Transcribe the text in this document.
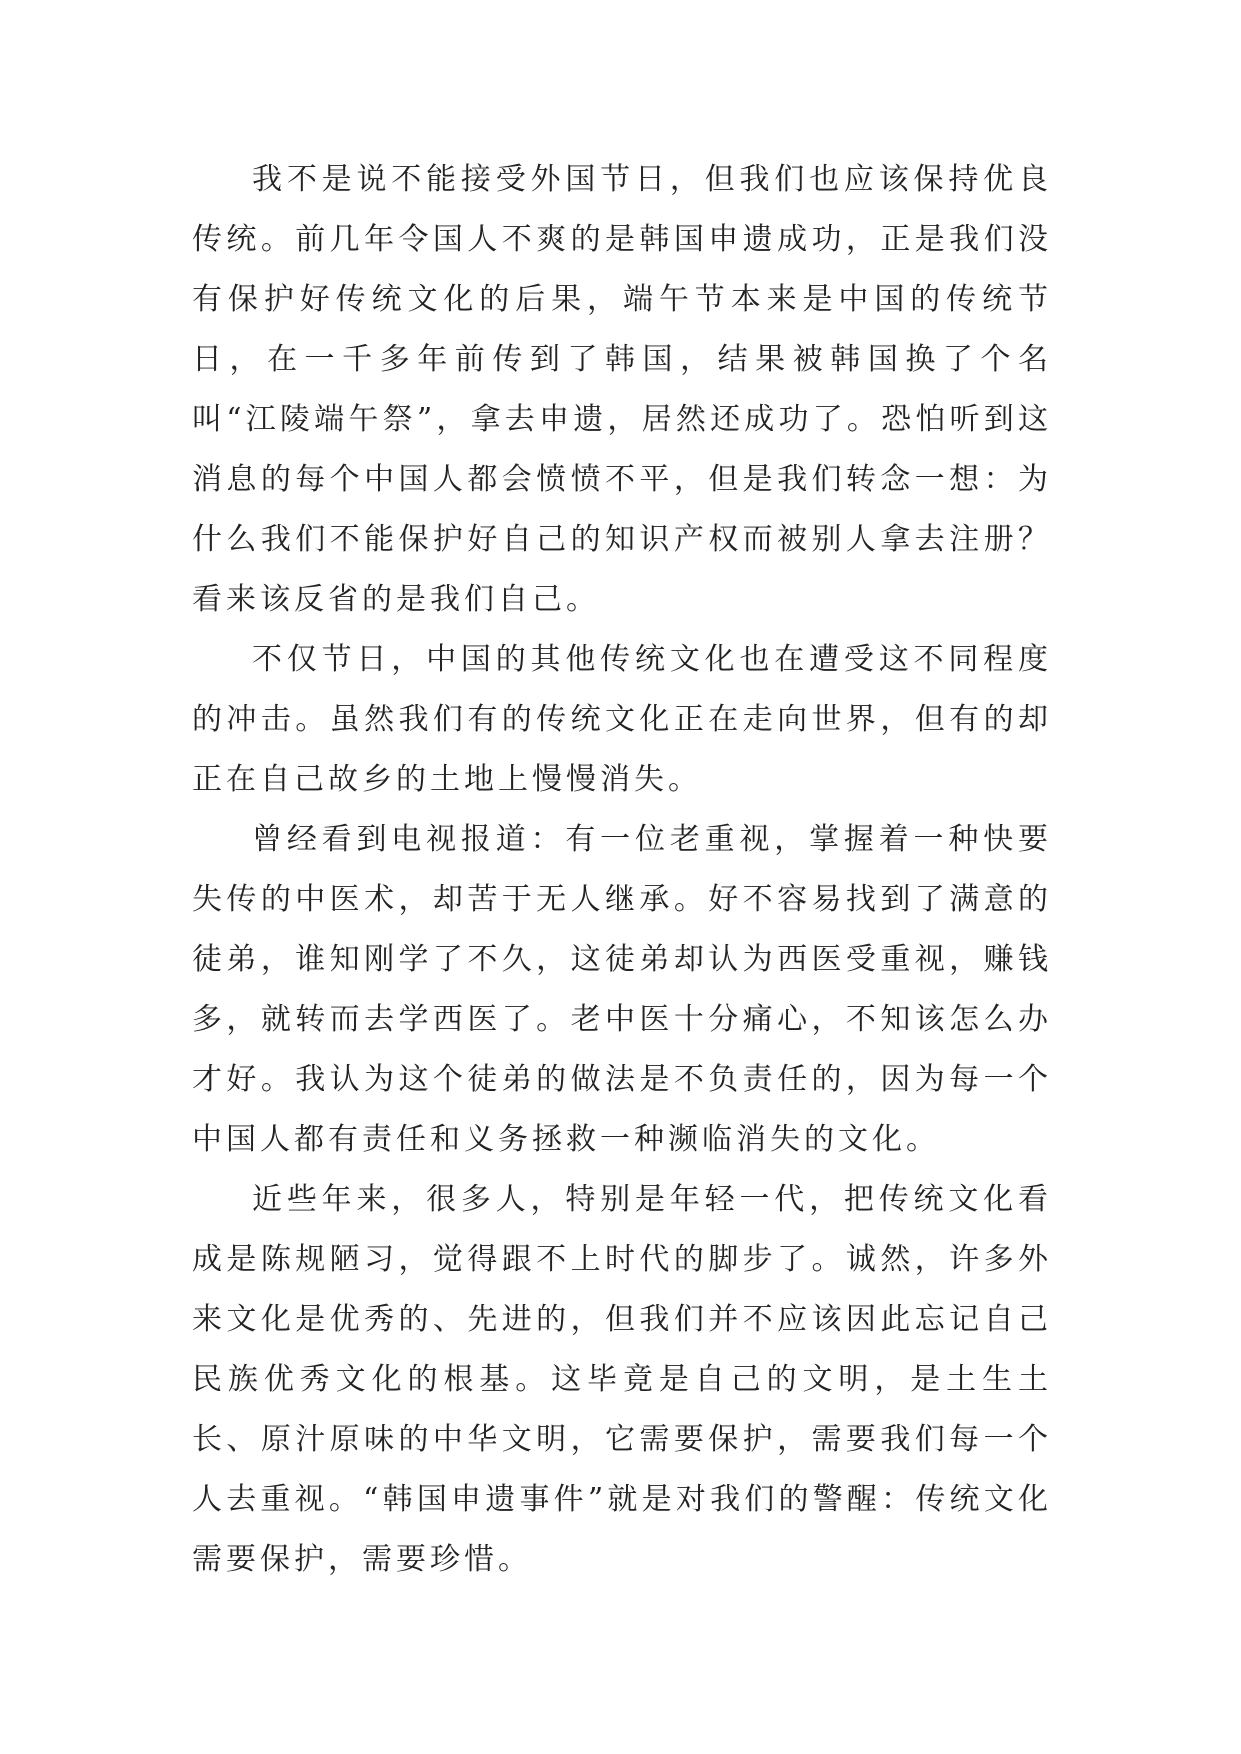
我不是说不能接受外国节日，但我们也应该保持优良传统。前几年令国人不爽的是韩国申遗成功，正是我们没有保护好传统文化的后果，端午节本来是中国的传统节日，在一千多年前传到了韩国，结果被韩国换了个名叫“江陵端午祭”，拿去申遗，居然还成功了。恐怕听到这消息的每个中国人都会愤愤不平，但是我们转念一想：为什么我们不能保护好自己的知识产权而被别人拿去注册？看来该反省的是我们自己。

不仅节日，中国的其他传统文化也在遭受这不同程度的冲击。虽然我们有的传统文化正在走向世界，但有的却正在自己故乡的土地上慢慢消失。

曾经看到电视报道：有一位老重视，掌握着一种快要失传的中医术，却苦于无人继承。好不容易找到了满意的徒弟，谁知刚学了不久，这徒弟却认为西医受重视，赚钱多，就转而去学西医了。老中医十分痛心，不知该怎么办才好。我认为这个徒弟的做法是不负责任的，因为每一个中国人都有责任和义务拯救一种濒临消失的文化。

近些年来，很多人，特别是年轻一代，把传统文化看成是陈规陋习，觉得跟不上时代的脚步了。诚然，许多外来文化是优秀的、先进的，但我们并不应该因此忘记自己民族优秀文化的根基。这毕竟是自己的文明，是土生土长、原汁原味的中华文明，它需要保护，需要我们每一个人去重视。“韩国申遗事件”就是对我们的警醒：传统文化需要保护，需要珍惜。
